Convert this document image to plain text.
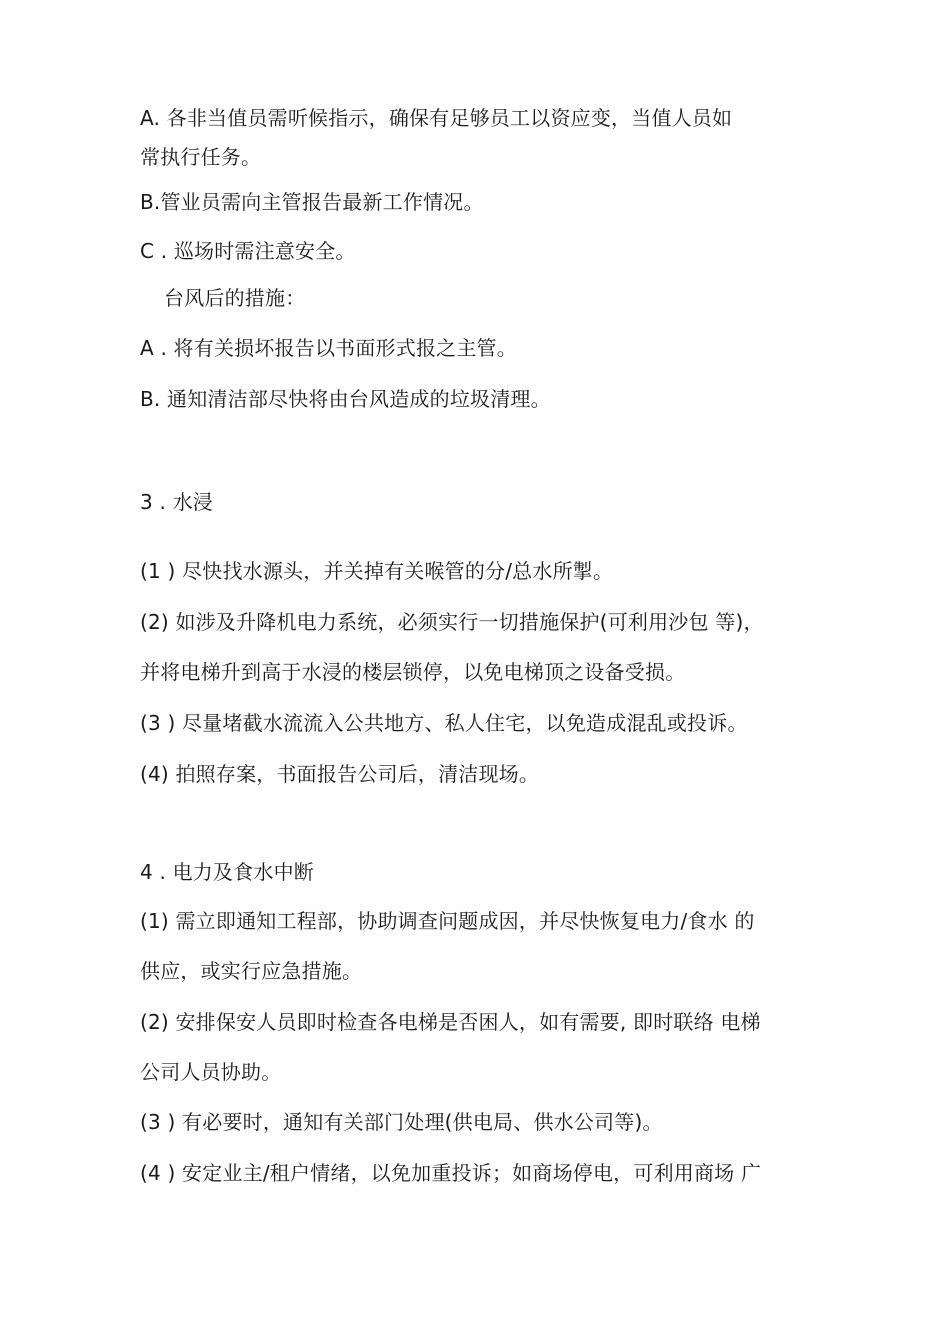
A. 各非当值员需听候指示，确保有足够员工以资应变，当值人员如
常执行任务。
B.管业员需向主管报告最新工作情况。
C . 巡场时需注意安全。
台风后的措施：
A . 将有关损坏报告以书面形式报之主管。
B. 通知清洁部尽快将由台风造成的垃圾清理。
3 . 水浸
(1 ) 尽快找水源头，并关掉有关喉管的分/总水所掣。
(2) 如涉及升降机电力系统，必须实行一切措施保护(可利用沙包 等)，
并将电梯升到高于水浸的楼层锁停，以免电梯顶之设备受损。
(3 ) 尽量堵截水流流入公共地方、私人住宅，以免造成混乱或投诉。
(4) 拍照存案，书面报告公司后，清洁现场。
4 . 电力及食水中断
(1) 需立即通知工程部，协助调查问题成因，并尽快恢复电力/食水 的
供应，或实行应急措施。
(2) 安排保安人员即时检查各电梯是否困人，如有需要, 即时联络 电梯
公司人员协助。
(3 ) 有必要时，通知有关部门处理(供电局、供水公司等)。
(4 ) 安定业主/租户情绪，以免加重投诉；如商场停电，可利用商场 广
